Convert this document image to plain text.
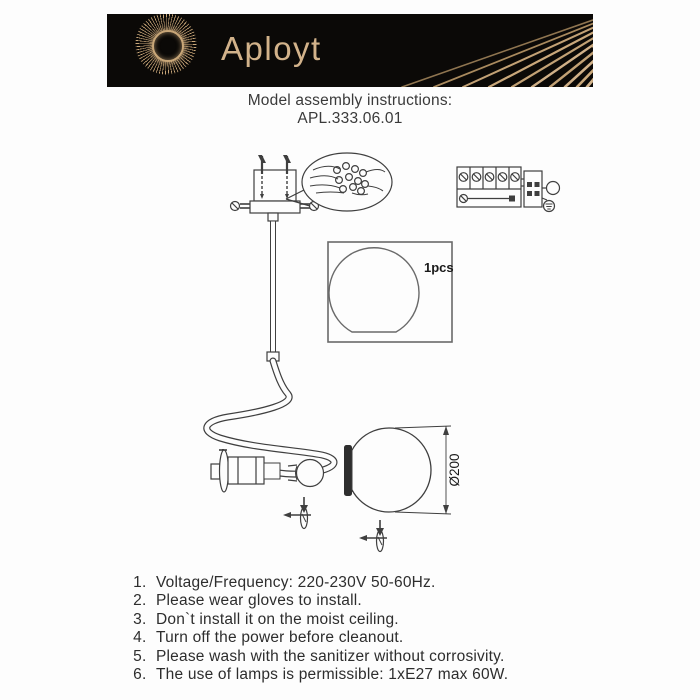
Aployt
Model assembly instructions:
APL.333.06.01
1pcs
Ø200
1. Voltage/Frequency: 220-230V 50-60Hz.
2. Please wear gloves to install.
3. Don`t install it on the moist ceiling.
4. Turn off the power before cleanout.
5. Please wash with the sanitizer without corrosivity.
6. The use of lamps is permissible: 1xE27 max 60W.
